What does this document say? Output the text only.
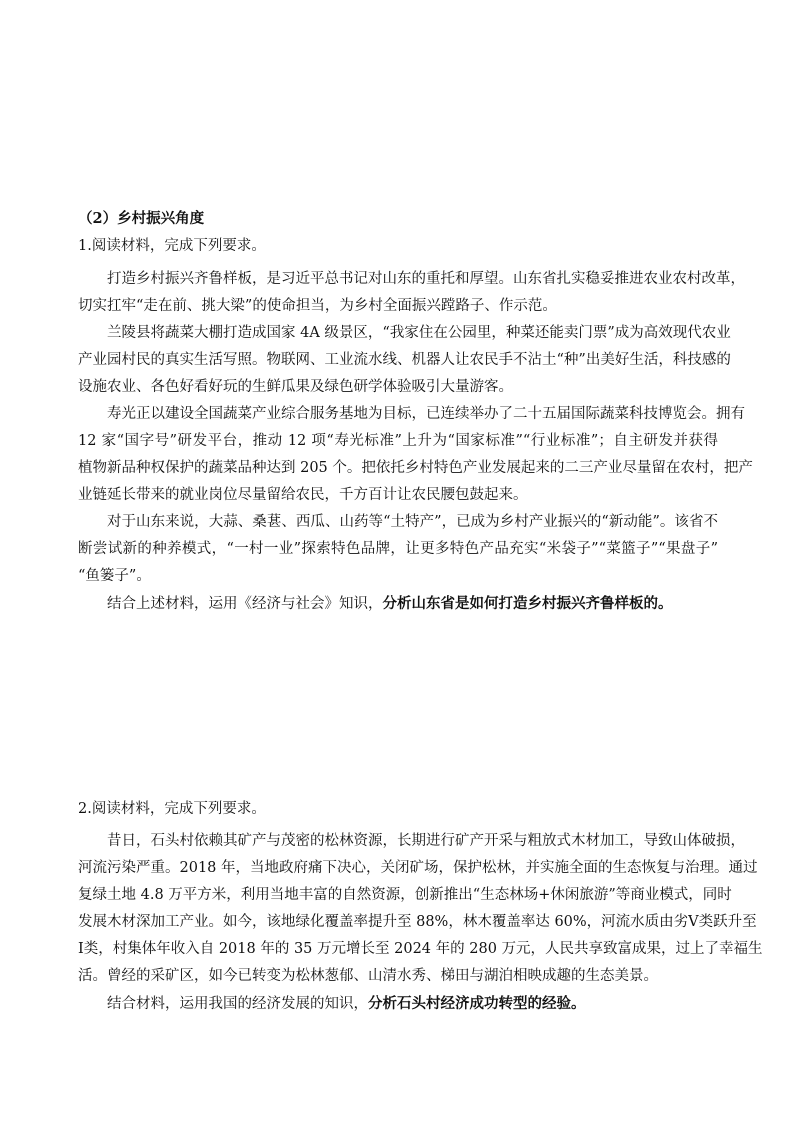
（2）乡村振兴角度
1.阅读材料，完成下列要求。
打造乡村振兴齐鲁样板，是习近平总书记对山东的重托和厚望。山东省扎实稳妥推进农业农村改革，
切实扛牢“走在前、挑大梁”的使命担当，为乡村全面振兴蹚路子、作示范。
兰陵县将蔬菜大棚打造成国家 4A 级景区，“我家住在公园里，种菜还能卖门票”成为高效现代农业
产业园村民的真实生活写照。物联网、工业流水线、机器人让农民手不沾土“种”出美好生活，科技感的
设施农业、各色好看好玩的生鲜瓜果及绿色研学体验吸引大量游客。
寿光正以建设全国蔬菜产业综合服务基地为目标，已连续举办了二十五届国际蔬菜科技博览会。拥有
12 家“国字号”研发平台，推动 12 项“寿光标准”上升为“国家标准”“行业标准”；自主研发并获得
植物新品种权保护的蔬菜品种达到 205 个。把依托乡村特色产业发展起来的二三产业尽量留在农村，把产
业链延长带来的就业岗位尽量留给农民，千方百计让农民腰包鼓起来。
对于山东来说，大蒜、桑葚、西瓜、山药等“土特产”，已成为乡村产业振兴的“新动能”。该省不
断尝试新的种养模式，“一村一业”探索特色品牌，让更多特色产品充实“米袋子”“菜篮子”“果盘子”
“鱼篓子”。
结合上述材料，运用《经济与社会》知识，分析山东省是如何打造乡村振兴齐鲁样板的。
2.阅读材料，完成下列要求。
昔日，石头村依赖其矿产与茂密的松林资源，长期进行矿产开采与粗放式木材加工，导致山体破损，
河流污染严重。2018 年，当地政府痛下决心，关闭矿场，保护松林，并实施全面的生态恢复与治理。通过
复绿土地 4.8 万平方米，利用当地丰富的自然资源，创新推出“生态林场+休闲旅游”等商业模式，同时
发展木材深加工产业。如今，该地绿化覆盖率提升至 88%，林木覆盖率达 60%，河流水质由劣Ⅴ类跃升至
Ⅰ类，村集体年收入自 2018 年的 35 万元增长至 2024 年的 280 万元，人民共享致富成果，过上了幸福生
活。曾经的采矿区，如今已转变为松林葱郁、山清水秀、梯田与湖泊相映成趣的生态美景。
结合材料，运用我国的经济发展的知识，分析石头村经济成功转型的经验。
